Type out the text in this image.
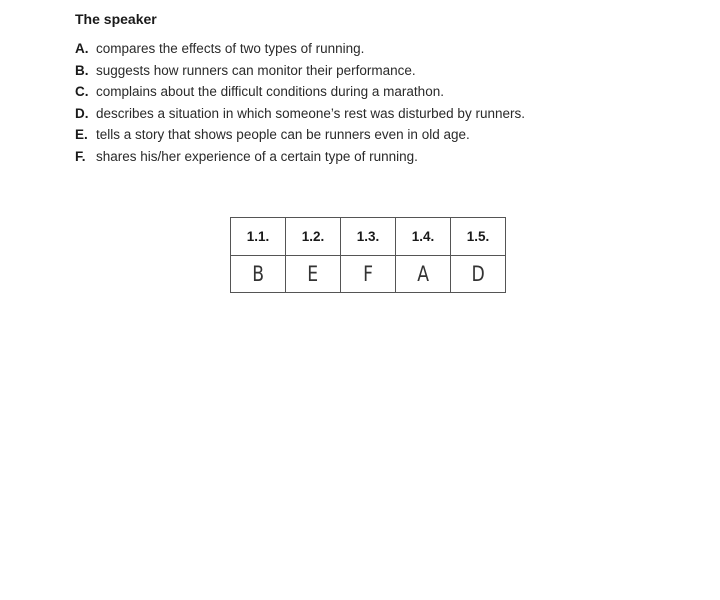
The speaker
A. compares the effects of two types of running.
B. suggests how runners can monitor their performance.
C. complains about the difficult conditions during a marathon.
D. describes a situation in which someone’s rest was disturbed by runners.
E. tells a story that shows people can be runners even in old age.
F. shares his/her experience of a certain type of running.
1.1.	1.2.	1.3.	1.4.	1.5.
B	E	F	A	D
